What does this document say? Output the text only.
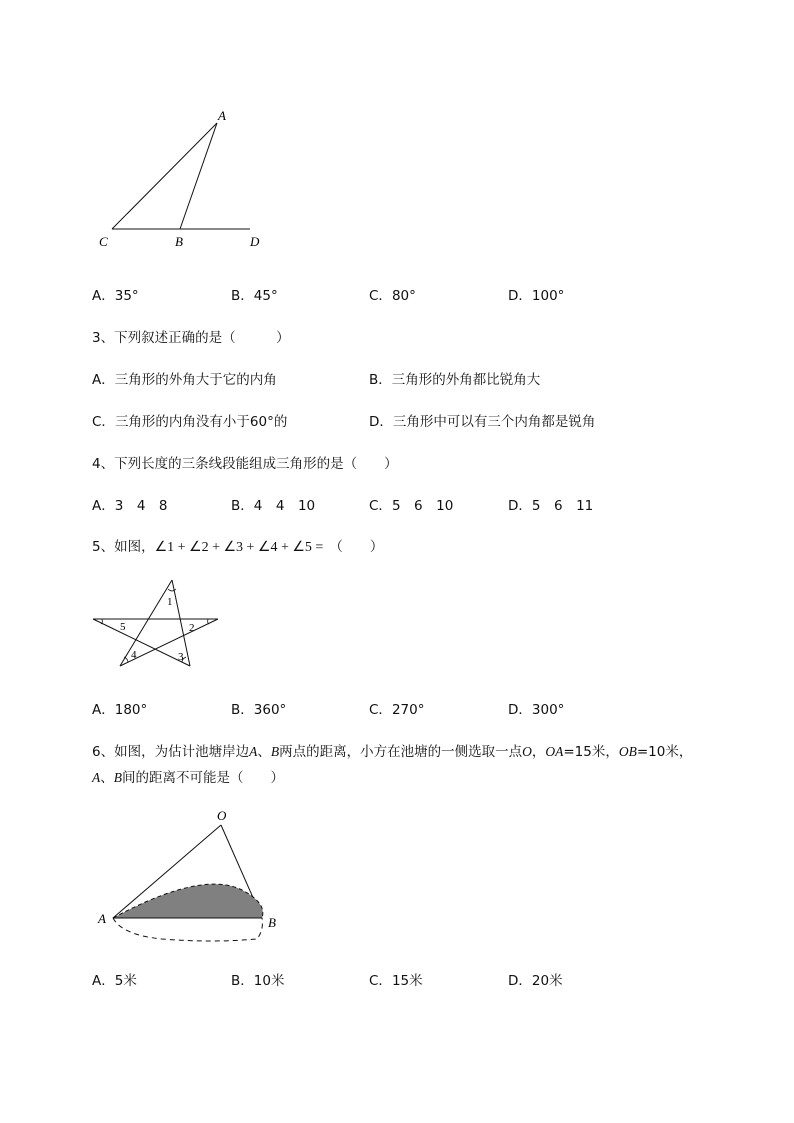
A
C	B	D
A．35°	B．45°	C．80°	D．100°
3、下列叙述正确的是（　　　）
A．三角形的外角大于它的内角	B．三角形的外角都比锐角大
C．三角形的内角没有小于60°的	D．三角形中可以有三个内角都是锐角
4、下列长度的三条线段能组成三角形的是（　　）
A．3　4　8	B．4　4　10	C．5　6　10	D．5　6　11
5、如图，∠1 + ∠2 + ∠3 + ∠4 + ∠5 = （　　）
1
2
3
4
5
A．180°	B．360°	C．270°	D．300°
6、如图，为估计池塘岸边A、B两点的距离，小方在池塘的一侧选取一点O，OA=15米，OB=10米，
A、B间的距离不可能是（　　）
O
A	B
A．5米	B．10米	C．15米	D．20米
